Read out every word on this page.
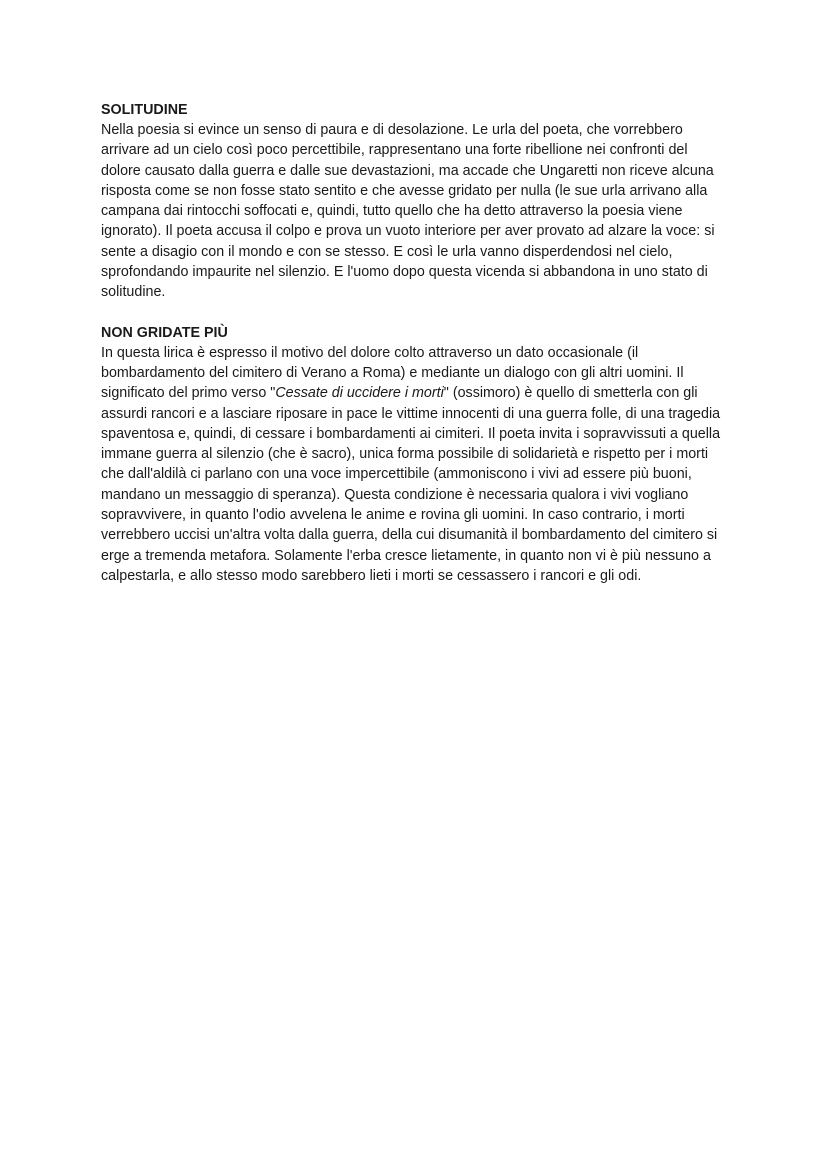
SOLITUDINE

Nella poesia si evince un senso di paura e di desolazione. Le urla del poeta, che vorrebbero arrivare ad un cielo così poco percettibile, rappresentano una forte ribellione nei confronti del dolore causato dalla guerra e dalle sue devastazioni, ma accade che Ungaretti non riceve alcuna risposta come se non fosse stato sentito e che avesse gridato per nulla (le sue urla arrivano alla campana dai rintocchi soffocati e, quindi, tutto quello che ha detto attraverso la poesia viene ignorato). Il poeta accusa il colpo e prova un vuoto interiore per aver provato ad alzare la voce: si sente a disagio con il mondo e con se stesso. E così le urla vanno disperdendosi nel cielo, sprofondando impaurite nel silenzio. E l'uomo dopo questa vicenda si abbandona in uno stato di solitudine.

NON GRIDATE PIÙ

In questa lirica è espresso il motivo del dolore colto attraverso un dato occasionale (il bombardamento del cimitero di Verano a Roma) e mediante un dialogo con gli altri uomini. Il significato del primo verso "Cessate di uccidere i morti" (ossimoro) è quello di smetterla con gli assurdi rancori e a lasciare riposare in pace le vittime innocenti di una guerra folle, di una tragedia spaventosa e, quindi, di cessare i bombardamenti ai cimiteri. Il poeta invita i sopravvissuti a quella immane guerra al silenzio (che è sacro), unica forma possibile di solidarietà e rispetto per i morti che dall'aldilà ci parlano con una voce impercettibile (ammoniscono i vivi ad essere più buoni, mandano un messaggio di speranza). Questa condizione è necessaria qualora i vivi vogliano sopravvivere, in quanto l'odio avvelena le anime e rovina gli uomini. In caso contrario, i morti verrebbero uccisi un'altra volta dalla guerra, della cui disumanità il bombardamento del cimitero si erge a tremenda metafora. Solamente l'erba cresce lietamente, in quanto non vi è più nessuno a calpestarla, e allo stesso modo sarebbero lieti i morti se cessassero i rancori e gli odi.
